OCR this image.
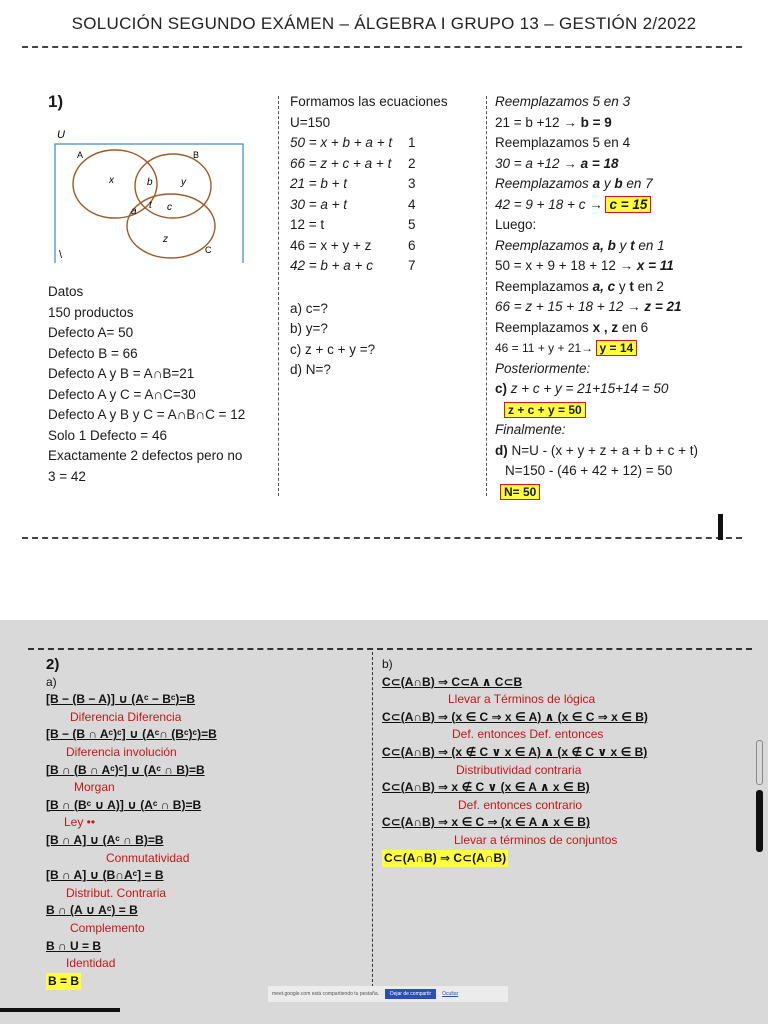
SOLUCIÓN SEGUNDO EXÁMEN – ÁLGEBRA I GRUPO 13 – GESTIÓN 2/2022
1)
U
A	B
C
x	b	y
a
t c
z
\
Datos
150 productos
Defecto A= 50
Defecto B = 66
Defecto A y B = A∩B=21
Defecto A y C = A∩C=30
Defecto A y B y C = A∩B∩C = 12
Solo 1 Defecto = 46
Exactamente 2 defectos pero no
3 = 42
Formamos las ecuaciones
U=150
50 = x + b + a + t 1
66 = z + c + a + t 2
21 = b + t	3
30 = a + t	4
12 = t	5
46 = x + y + z	6
42 = b + a + c	7
a) c=?
b) y=?
c) z + c + y =?
d) N=?
Reemplazamos 5 en 3
21 = b +12 → b = 9
Reemplazamos 5 en 4
30 = a +12 → a = 18
Reemplazamos a y b en 7
42 = 9 + 18 + c → c = 15
Luego:
Reemplazamos a, b y t en 1
50 = x + 9 + 18 + 12 → x = 11
Reemplazamos a, c y t en 2
66 = z + 15 + 18 + 12 → z = 21
Reemplazamos x , z en 6
46 = 11 + y + 21→ y = 14
Posteriormente:
c) z + c + y = 21+15+14 = 50
z + c + y = 50
Finalmente:
d) N=U - (x + y + z + a + b + c + t)
N=150 - (46 + 42 + 12) = 50
N= 50
2)
a)
[B − (B − A)] ∪ (Aᶜ − Bᶜ)=B
Diferencia Diferencia
[B − (B ∩ Aᶜ)ᶜ] ∪ (Aᶜ∩ (Bᶜ)ᶜ)=B
Diferencia involución
[B ∩ (B ∩ Aᶜ)ᶜ] ∪ (Aᶜ ∩ B)=B
Morgan
[B ∩ (Bᶜ ∪ A)] ∪ (Aᶜ ∩ B)=B
Ley ••
[B ∩ A] ∪ (Aᶜ ∩ B)=B
Conmutatividad
[B ∩ A] ∪ (B∩Aᶜ] = B
Distribut. Contraria
B ∩ (A ∪ Aᶜ) = B
Complemento
B ∩ U = B
Identidad
B = B

b)
C⊂(A∩B) ⇒ C⊂A ∧ C⊂B
Llevar a Términos de lógica
C⊂(A∩B) ⇒ (x ∈ C ⇒ x ∈ A) ∧ (x ∈ C ⇒ x ∈ B)
Def. entonces Def. entonces
C⊂(A∩B) ⇒ (x ∉ C ∨ x ∈ A) ∧ (x ∉ C ∨ x ∈ B)
Distributividad contraria
C⊂(A∩B) ⇒ x ∉ C ∨ (x ∈ A ∧ x ∈ B)
Def. entonces contrario
C⊂(A∩B) ⇒ x ∈ C ⇒ (x ∈ A ∧ x ∈ B)
Llevar a términos de conjuntos
C⊂(A∩B) ⇒ C⊂(A∩B)

meet.google.com está compartiendo tu pestaña.	Dejar de compartir	Ocultar
